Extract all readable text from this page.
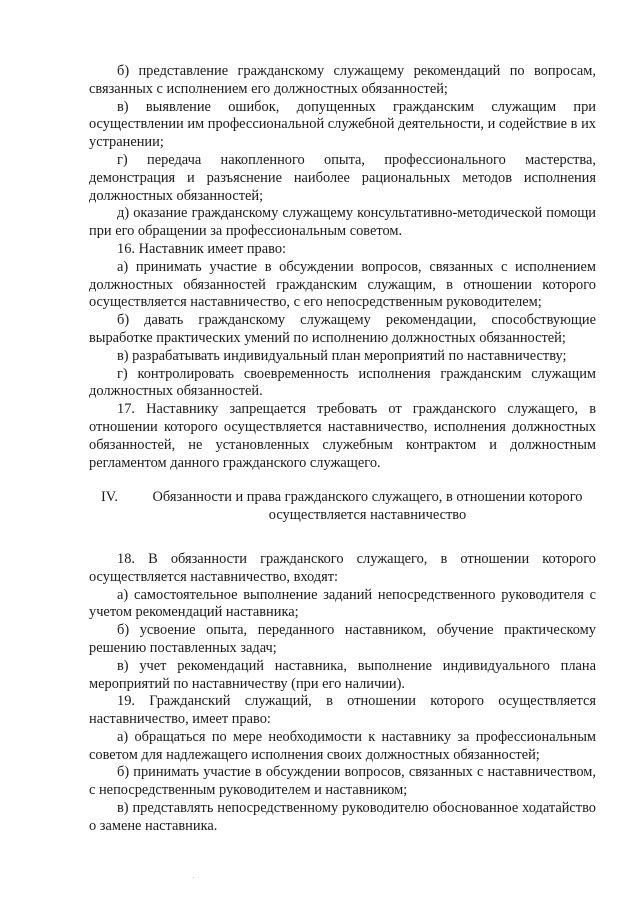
б) представление гражданскому служащему рекомендаций по вопросам, связанных с исполнением его должностных обязанностей;

в) выявление ошибок, допущенных гражданским служащим при осуществлении им профессиональной служебной деятельности, и содействие в их устранении;

г) передача накопленного опыта, профессионального мастерства, демонстрация и разъяснение наиболее рациональных методов исполнения должностных обязанностей;

д) оказание гражданскому служащему консультативно-методической помощи при его обращении за профессиональным советом.

16. Наставник имеет право:

а) принимать участие в обсуждении вопросов, связанных с исполнением должностных обязанностей гражданским служащим, в отношении которого осуществляется наставничество, с его непосредственным руководителем;

б) давать гражданскому служащему рекомендации, способствующие выработке практических умений по исполнению должностных обязанностей;

в) разрабатывать индивидуальный план мероприятий по наставничеству;

г) контролировать своевременность исполнения гражданским служащим должностных обязанностей.

17. Наставнику запрещается требовать от гражданского служащего, в отношении которого осуществляется наставничество, исполнения должностных обязанностей, не установленных служебным контрактом и должностным регламентом данного гражданского служащего.

IV.	Обязанности и права гражданского служащего, в отношении которого осуществляется наставничество

18. В обязанности гражданского служащего, в отношении которого осуществляется наставничество, входят:

а) самостоятельное выполнение заданий непосредственного руководителя с учетом рекомендаций наставника;

б) усвоение опыта, переданного наставником, обучение практическому решению поставленных задач;

в) учет рекомендаций наставника, выполнение индивидуального плана мероприятий по наставничеству (при его наличии).

19. Гражданский служащий, в отношении которого осуществляется наставничество, имеет право:

а) обращаться по мере необходимости к наставнику за профессиональным советом для надлежащего исполнения своих должностных обязанностей;

б) принимать участие в обсуждении вопросов, связанных с наставничеством, с непосредственным руководителем и наставником;

в) представлять непосредственному руководителю обоснованное ходатайство о замене наставника.
